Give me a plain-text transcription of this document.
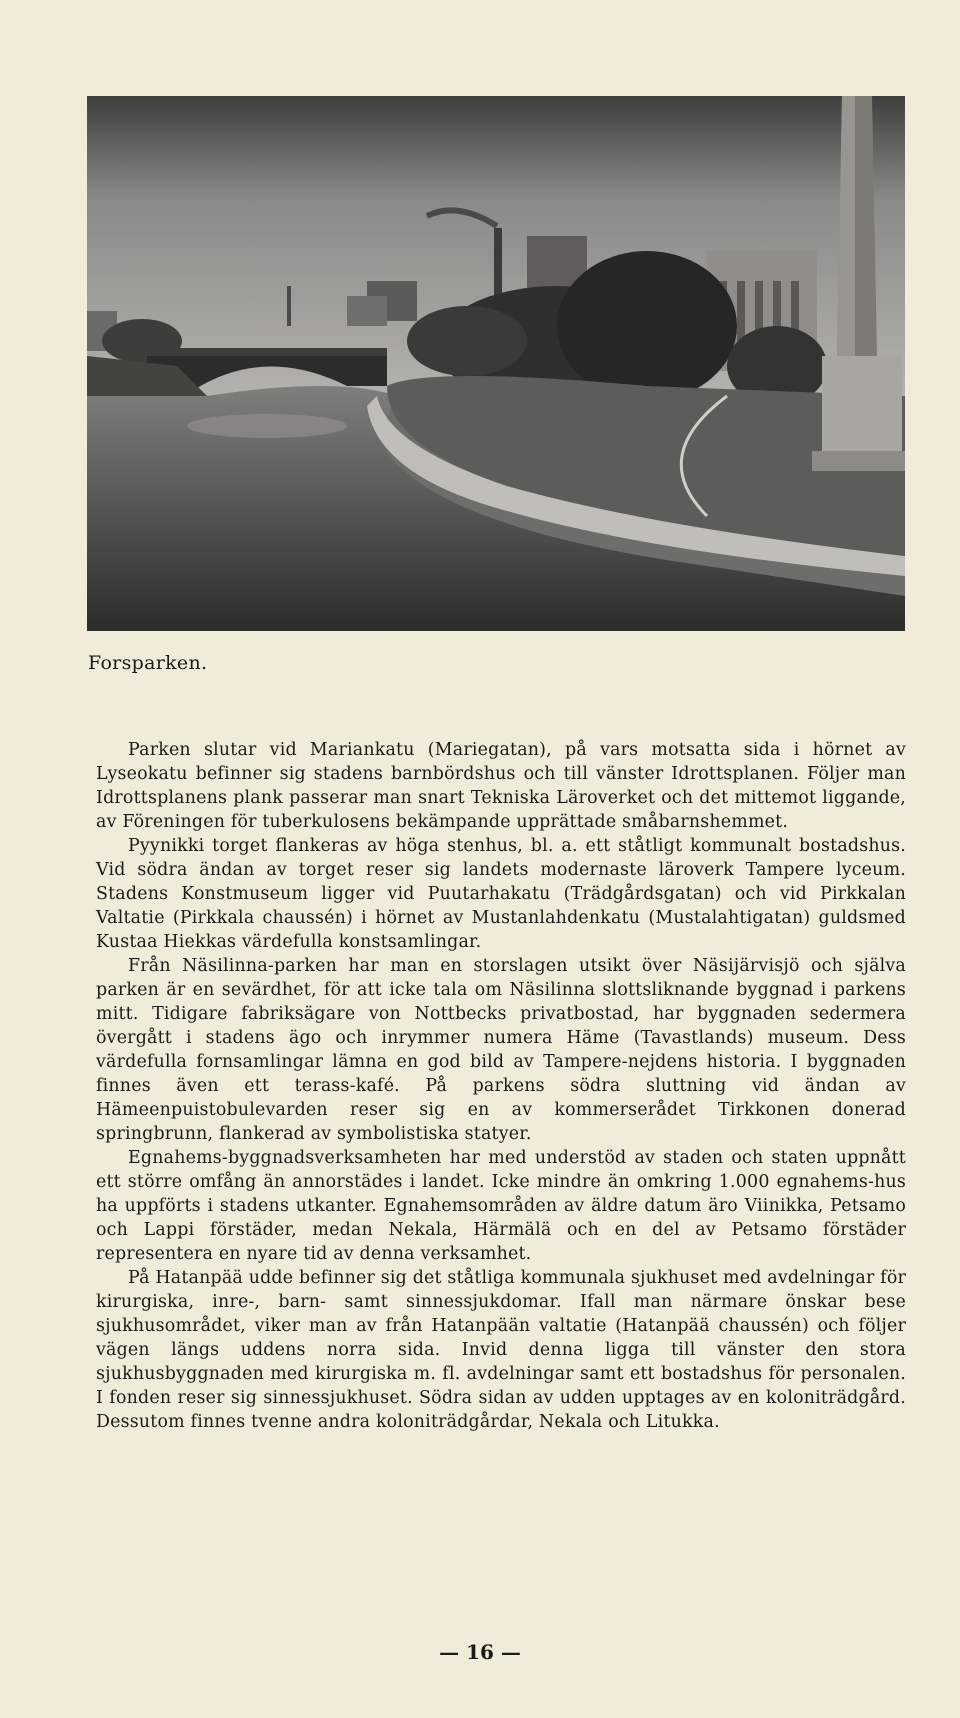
Forsparken.

Parken slutar vid Mariankatu (Mariegatan), på vars motsatta sida i hörnet av Lyseokatu befinner sig stadens barnbördshus och till vänster Idrottsplanen. Följer man Idrottsplanens plank passerar man snart Tekniska Läroverket och det mittemot liggande, av Föreningen för tuberkulosens bekämpande upprättade småbarnshemmet.

Pyynikki torget flankeras av höga stenhus, bl. a. ett ståtligt kommunalt bostadshus. Vid södra ändan av torget reser sig landets modernaste läroverk Tampere lyceum. Stadens Konstmuseum ligger vid Puutarhakatu (Trädgårdsgatan) och vid Pirkkalan Valtatie (Pirkkala chaussén) i hörnet av Mustanlahdenkatu (Mustalahtigatan) guldsmed Kustaa Hiekkas värdefulla konstsamlingar.

Från Näsilinna-parken har man en storslagen utsikt över Näsijärvisjö och själva parken är en sevärdhet, för att icke tala om Näsilinna slottsliknande byggnad i parkens mitt. Tidigare fabriksägare von Nottbecks privatbostad, har byggnaden sedermera övergått i stadens ägo och inrymmer numera Häme (Tavastlands) museum. Dess värdefulla fornsamlingar lämna en god bild av Tampere-nejdens historia. I byggnaden finnes även ett terass-kafé. På parkens södra sluttning vid ändan av Hämeenpuistobulevarden reser sig en av kommerserådet Tirkkonen donerad springbrunn, flankerad av symbolistiska statyer.

Egnahems-byggnadsverksamheten har med understöd av staden och staten uppnått ett större omfång än annorstädes i landet. Icke mindre än omkring 1.000 egnahems-hus ha uppförts i stadens utkanter. Egnahemsområden av äldre datum äro Viinikka, Petsamo och Lappi förstäder, medan Nekala, Härmälä och en del av Petsamo förstäder representera en nyare tid av denna verksamhet.

På Hatanpää udde befinner sig det ståtliga kommunala sjukhuset med avdelningar för kirurgiska, inre-, barn- samt sinnessjukdomar. Ifall man närmare önskar bese sjukhusområdet, viker man av från Hatanpään valtatie (Hatanpää chaussén) och följer vägen längs uddens norra sida. Invid denna ligga till vänster den stora sjukhusbyggnaden med kirurgiska m. fl. avdelningar samt ett bostadshus för personalen. I fonden reser sig sinnessjukhuset. Södra sidan av udden upptages av en koloniträdgård. Dessutom finnes tvenne andra koloniträdgårdar, Nekala och Litukka.

— 16 —
